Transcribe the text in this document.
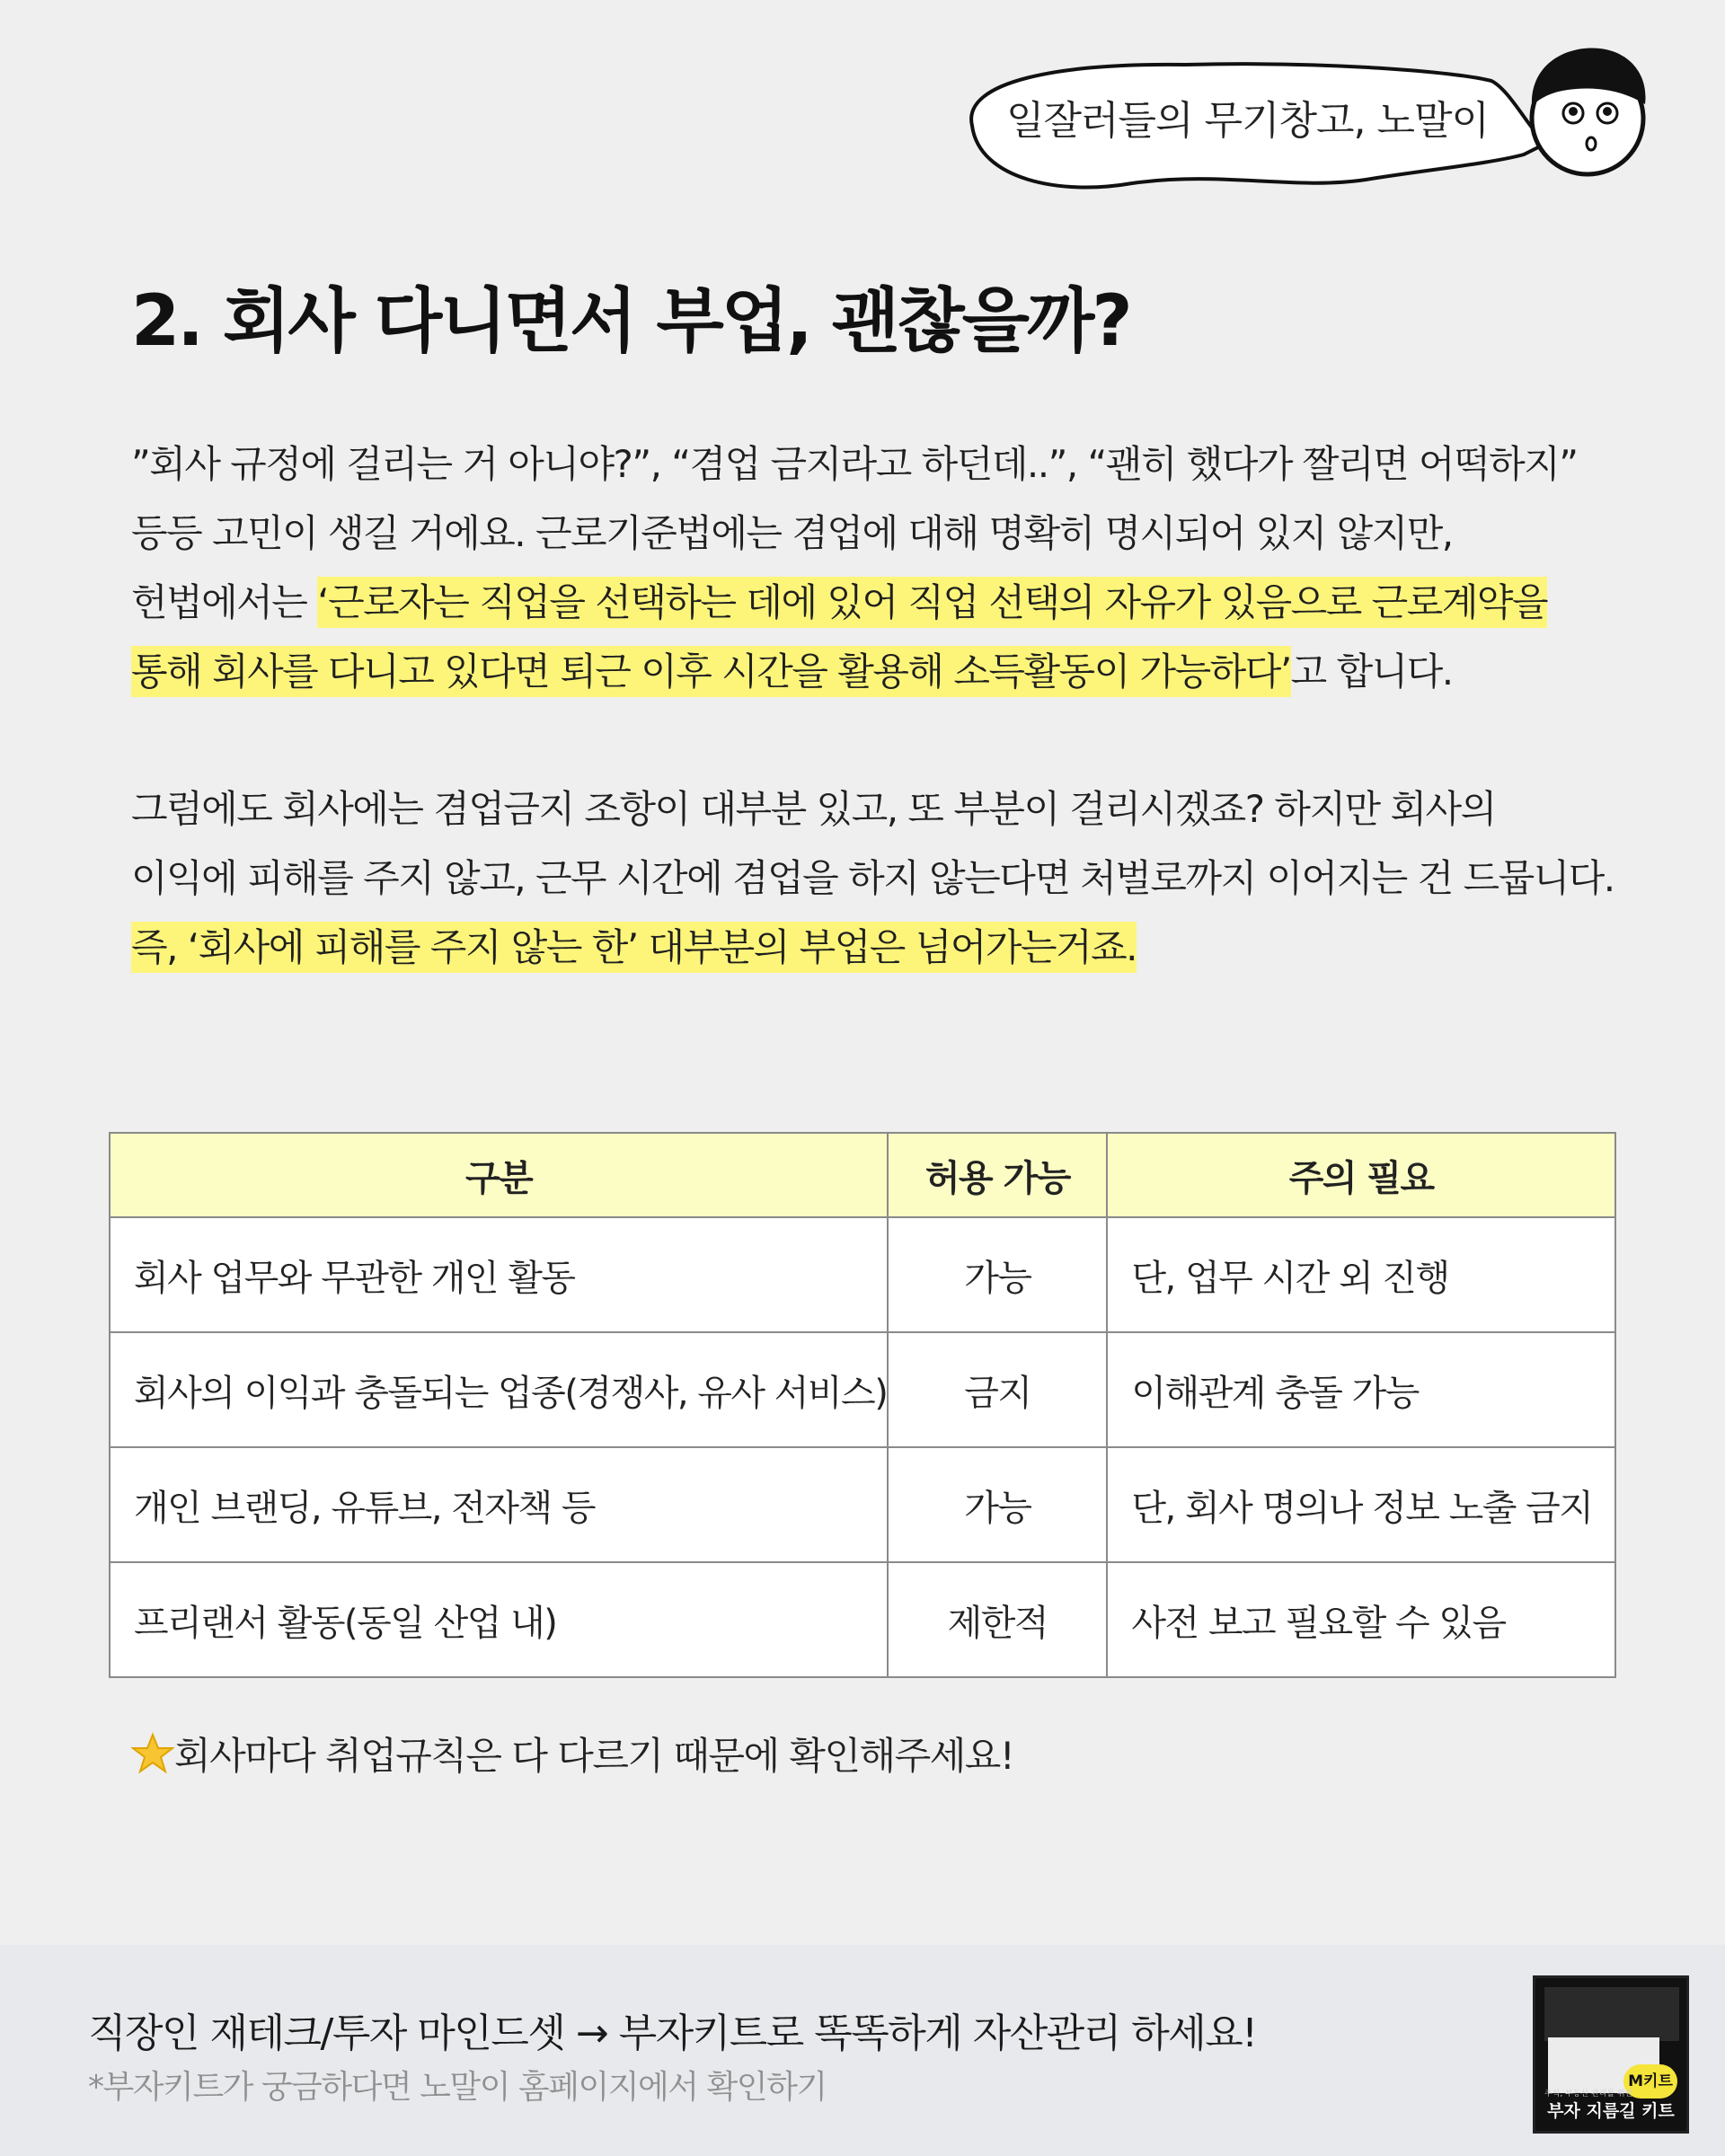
일잘러들의 무기창고, 노말이
2. 회사 다니면서 부업, 괜찮을까?
”회사 규정에 걸리는 거 아니야?”, “겸업 금지라고 하던데..”, “괜히 했다가 짤리면 어떡하지”
등등 고민이 생길 거에요. 근로기준법에는 겸업에 대해 명확히 명시되어 있지 않지만,
헌법에서는 ‘근로자는 직업을 선택하는 데에 있어 직업 선택의 자유가 있음으로 근로계약을
통해 회사를 다니고 있다면 퇴근 이후 시간을 활용해 소득활동이 가능하다’고 합니다.
그럼에도 회사에는 겸업금지 조항이 대부분 있고, 또 부분이 걸리시겠죠? 하지만 회사의
이익에 피해를 주지 않고, 근무 시간에 겸업을 하지 않는다면 처벌로까지 이어지는 건 드뭅니다.
즉, ‘회사에 피해를 주지 않는 한’ 대부분의 부업은 넘어가는거죠.
구분	허용 가능	주의 필요
회사 업무와 무관한 개인 활동	가능	단, 업무 시간 외 진행
회사의 이익과 충돌되는 업종(경쟁사, 유사 서비스)	금지	이해관계 충돌 가능
개인 브랜딩, 유튜브, 전자책 등	가능	단, 회사 명의나 정보 노출 금지
프리랜서 활동(동일 산업 내)	제한적	사전 보고 필요할 수 있음
회사마다 취업규칙은 다 다르기 때문에 확인해주세요!
직장인 재테크/투자 마인드셋 → 부자키트로 똑똑하게 자산관리 하세요!
*부자키트가 궁금하다면 노말이 홈페이지에서 확인하기	M키트
주식, 부동산 관리를 위한
부자 지름길 키트
